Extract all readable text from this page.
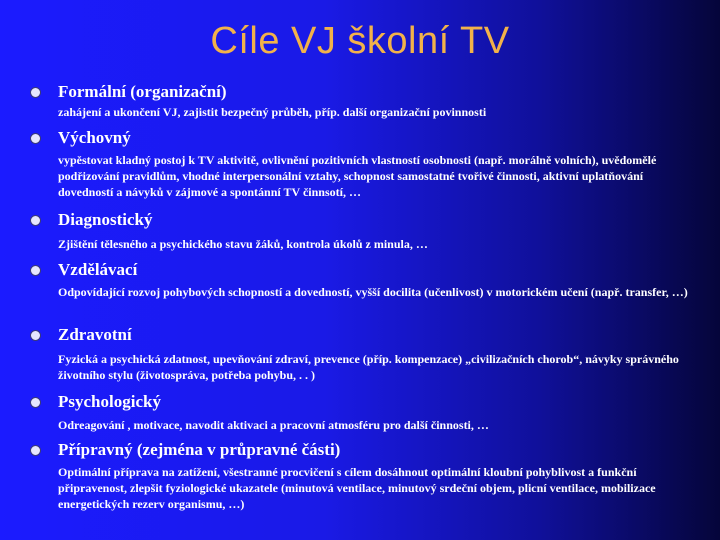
Cíle VJ školní TV
Formální (organizační)
zahájení a ukončení VJ, zajistit bezpečný průběh, příp. další organizační povinnosti
Výchovný
vypěstovat kladný postoj k TV aktivitě, ovlivnění pozitivních vlastností osobnosti (např. morálně volních), uvědomělé podřizování pravidlům, vhodné interpersonální vztahy, schopnost samostatné tvořivé činnosti, aktivní uplatňování dovedností a návyků v zájmové a spontánní TV činnsotí, …
Diagnostický
Zjištění tělesného a psychického stavu žáků, kontrola úkolů z minula, …
Vzdělávací
Odpovídající rozvoj pohybových schopností a dovedností, vyšší docilita (učenlivost) v motorickém učení (např. transfer, …)
Zdravotní
Fyzická a psychická zdatnost, upevňování zdraví, prevence (příp. kompenzace) „civilizačních chorob“, návyky správného životního stylu (životospráva, potřeba pohybu, . . )
Psychologický
Odreagování , motivace, navodit aktivaci a pracovní atmosféru pro další činnosti, …
Přípravný (zejména v průpravné části)
Optimální příprava na zatížení, všestranné procvičení s cílem dosáhnout optimální kloubní pohyblivost a funkční připravenost, zlepšit fyziologické ukazatele (minutová ventilace, minutový srdeční objem, plicní ventilace, mobilizace energetických rezerv organismu, …)
